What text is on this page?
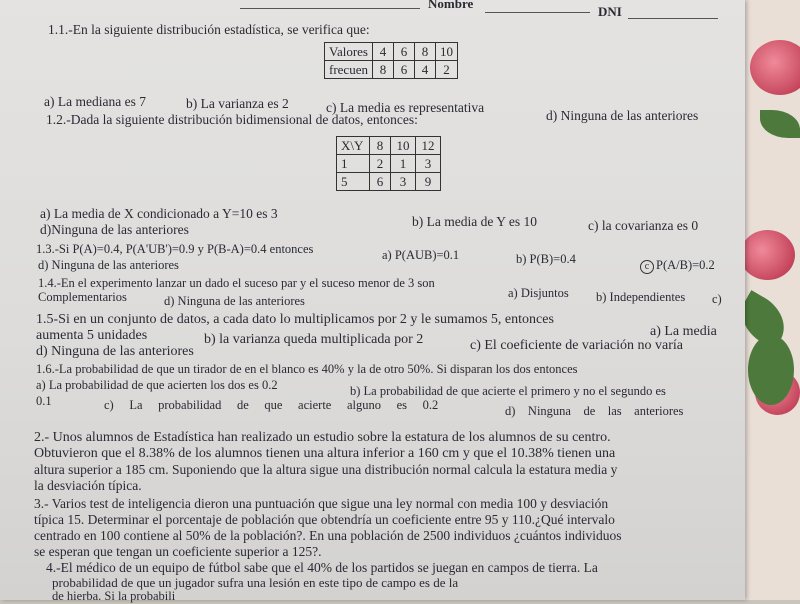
Nombre
DNI
1.1.-En la siguiente distribución estadística, se verifica que:
Valores	4	6	8	10
frecuen	8	6	4	2
a) La mediana es 7	b) La varianza es 2	c) La media es representativa
d) Ninguna de las anteriores
1.2.-Dada la siguiente distribución bidimensional de datos, entonces:
X\Y	8	10	12
1	2	1	3
5	6	3	9
a) La media de X condicionado a Y=10 es 3
b) La media de Y es 10	c) la covarianza es 0
d)Ninguna de las anteriores
1.3.-Si P(A)=0.4, P(A'UB')=0.9 y P(B-A)=0.4 entonces	a) P(AUB)=0.1	b) P(B)=0.4
c P(A/B)=0.2
d) Ninguna de las anteriores
1.4.-En el experimento lanzar un dado el suceso par y el suceso menor de 3 son
a) Disjuntos b) Independientes c)
Complementarios	d) Ninguna de las anteriores
1.5-Si en un conjunto de datos, a cada dato lo multiplicamos por 2 y le sumamos 5, entonces
a) La media
aumenta 5 unidades	b) la varianza queda multiplicada por 2	c) El coeficiente de variación no varía
d) Ninguna de las anteriores
1.6.-La probabilidad de que un tirador de en el blanco es 40% y la de otro 50%. Si disparan los dos entonces
a) La probabilidad de que acierten los dos es 0.2	b) La probabilidad de que acierte el primero y no el segundo es
0.1	c)     La     probabilidad     de     que     acierte     alguno     es     0.2	d)    Ninguna    de    las    anteriores
2.- Unos alumnos de Estadística han realizado un estudio sobre la estatura de los alumnos de su centro.
Obtuvieron que el 8.38% de los alumnos tienen una altura inferior a 160 cm y que el 10.38% tienen una
altura superior a 185 cm. Suponiendo que la altura sigue una distribución normal calcula la estatura media y
la desviación típica.
3.- Varios test de inteligencia dieron una puntuación que sigue una ley normal con media 100 y desviación
típica 15. Determinar el porcentaje de población que obtendría un coeficiente entre 95 y 110.¿Qué intervalo
centrado en 100 contiene al 50% de la población?. En una población de 2500 individuos ¿cuántos individuos
se esperan que tengan un coeficiente superior a 125?.
4.-El médico de un equipo de fútbol sabe que el 40% de los partidos se juegan en campos de tierra. La
probabilidad de que un jugador sufra una lesión en este tipo de campo es de la
de hierba. Si la probabili
